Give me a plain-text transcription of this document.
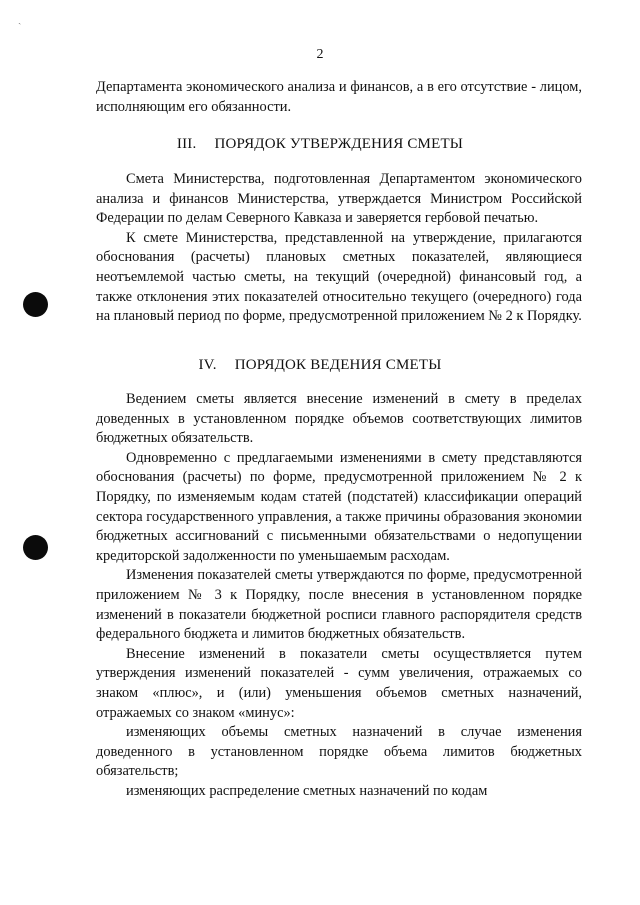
ˎ
2
Департамента экономического анализа и финансов, а в его отсутствие - лицом, исполняющим его обязанности.
III. ПОРЯДОК УТВЕРЖДЕНИЯ СМЕТЫ
Смета Министерства, подготовленная Департаментом экономического анализа и финансов Министерства, утверждается Министром Российской Федерации по делам Северного Кавказа и заверяется гербовой печатью.
К смете Министерства, представленной на утверждение, прилагаются обоснования (расчеты) плановых сметных показателей, являющиеся неотъемлемой частью сметы, на текущий (очередной) финансовый год, а также отклонения этих показателей относительно текущего (очередного) года на плановый период по форме, предусмотренной приложением № 2 к Порядку.
IV. ПОРЯДОК ВЕДЕНИЯ СМЕТЫ
Ведением сметы является внесение изменений в смету в пределах доведенных в установленном порядке объемов соответствующих лимитов бюджетных обязательств.
Одновременно с предлагаемыми изменениями в смету представляются обоснования (расчеты) по форме, предусмотренной приложением № 2 к Порядку, по изменяемым кодам статей (подстатей) классификации операций сектора государственного управления, а также причины образования экономии бюджетных ассигнований с письменными обязательствами о недопущении кредиторской задолженности по уменьшаемым расходам.
Изменения показателей сметы утверждаются по форме, предусмотренной приложением № 3 к Порядку, после внесения в установленном порядке изменений в показатели бюджетной росписи главного распорядителя средств федерального бюджета и лимитов бюджетных обязательств.
Внесение изменений в показатели сметы осуществляется путем утверждения изменений показателей - сумм увеличения, отражаемых со знаком «плюс», и (или) уменьшения объемов сметных назначений, отражаемых со знаком «минус»:
изменяющих объемы сметных назначений в случае изменения доведенного в установленном порядке объема лимитов бюджетных обязательств;
изменяющих распределение сметных назначений по кодам
